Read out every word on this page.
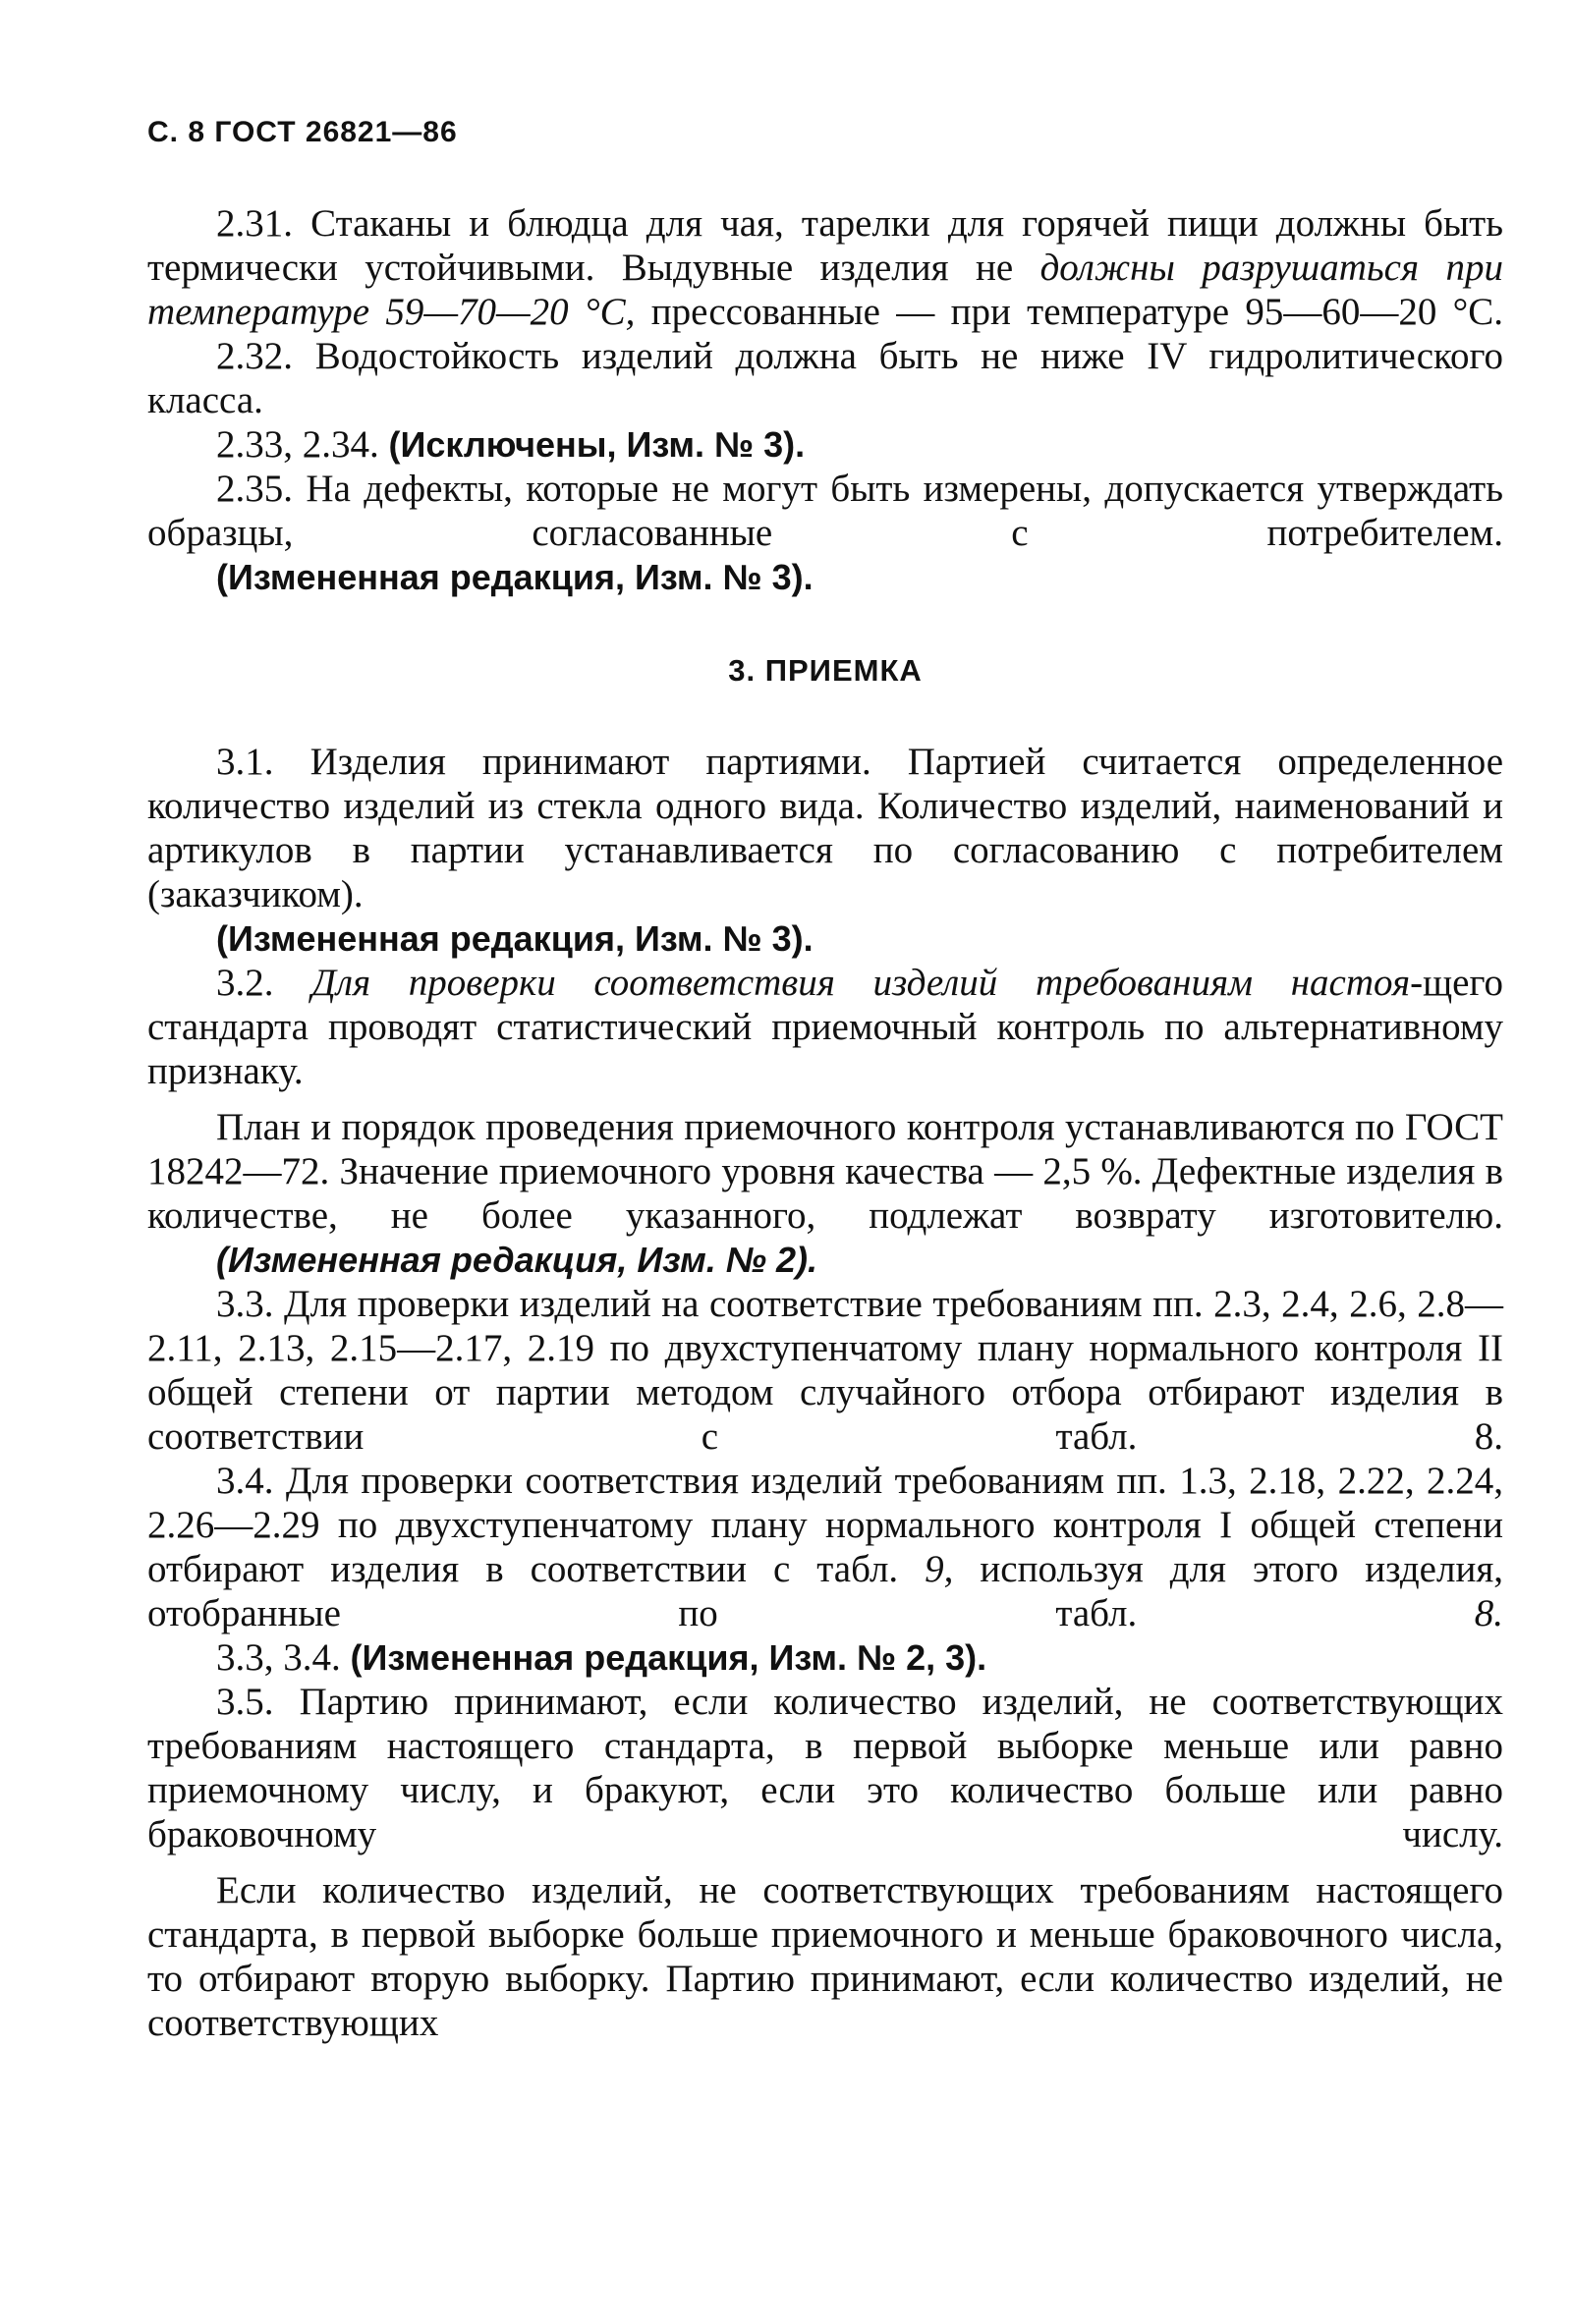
С. 8 ГОСТ 26821—86

2.31. Стаканы и блюдца для чая, тарелки для горячей пищи должны быть термически устойчивыми. Выдувные изделия не должны разрушаться при температуре 59—70—20 °С, прессованные — при температуре 95—60—20 °С.

2.32. Водостойкость изделий должна быть не ниже IV гидролитического класса.

2.33, 2.34. (Исключены, Изм. № 3).

2.35. На дефекты, которые не могут быть измерены, допускается утверждать образцы, согласованные с потребителем.

(Измененная редакция, Изм. № 3).

3. ПРИЕМКА

3.1. Изделия принимают партиями. Партией считается определенное количество изделий из стекла одного вида. Количество изделий, наименований и артикулов в партии устанавливается по согласованию с потребителем (заказчиком).

(Измененная редакция, Изм. № 3).

3.2. Для проверки соответствия изделий требованиям настоя-щего стандарта проводят статистический приемочный контроль по альтернативному признаку.

План и порядок проведения приемочного контроля устанавливаются по ГОСТ 18242—72. Значение приемочного уровня качества — 2,5 %. Дефектные изделия в количестве, не более указанного, подлежат возврату изготовителю.

(Измененная редакция, Изм. № 2).

3.3. Для проверки изделий на соответствие требованиям пп. 2.3, 2.4, 2.6, 2.8—2.11, 2.13, 2.15—2.17, 2.19 по двухступенчатому плану нормального контроля II общей степени от партии методом случайного отбора отбирают изделия в соответствии с табл. 8.

3.4. Для проверки соответствия изделий требованиям пп. 1.3, 2.18, 2.22, 2.24, 2.26—2.29 по двухступенчатому плану нормального контроля I общей степени отбирают изделия в соответствии с табл. 9, используя для этого изделия, отобранные по табл. 8.

3.3, 3.4. (Измененная редакция, Изм. № 2, 3).

3.5. Партию принимают, если количество изделий, не соответствующих требованиям настоящего стандарта, в первой выборке меньше или равно приемочному числу, и бракуют, если это количество больше или равно браковочному числу.

Если количество изделий, не соответствующих требованиям настоящего стандарта, в первой выборке больше приемочного и меньше браковочного числа, то отбирают вторую выборку. Партию принимают, если количество изделий, не соответствующих
